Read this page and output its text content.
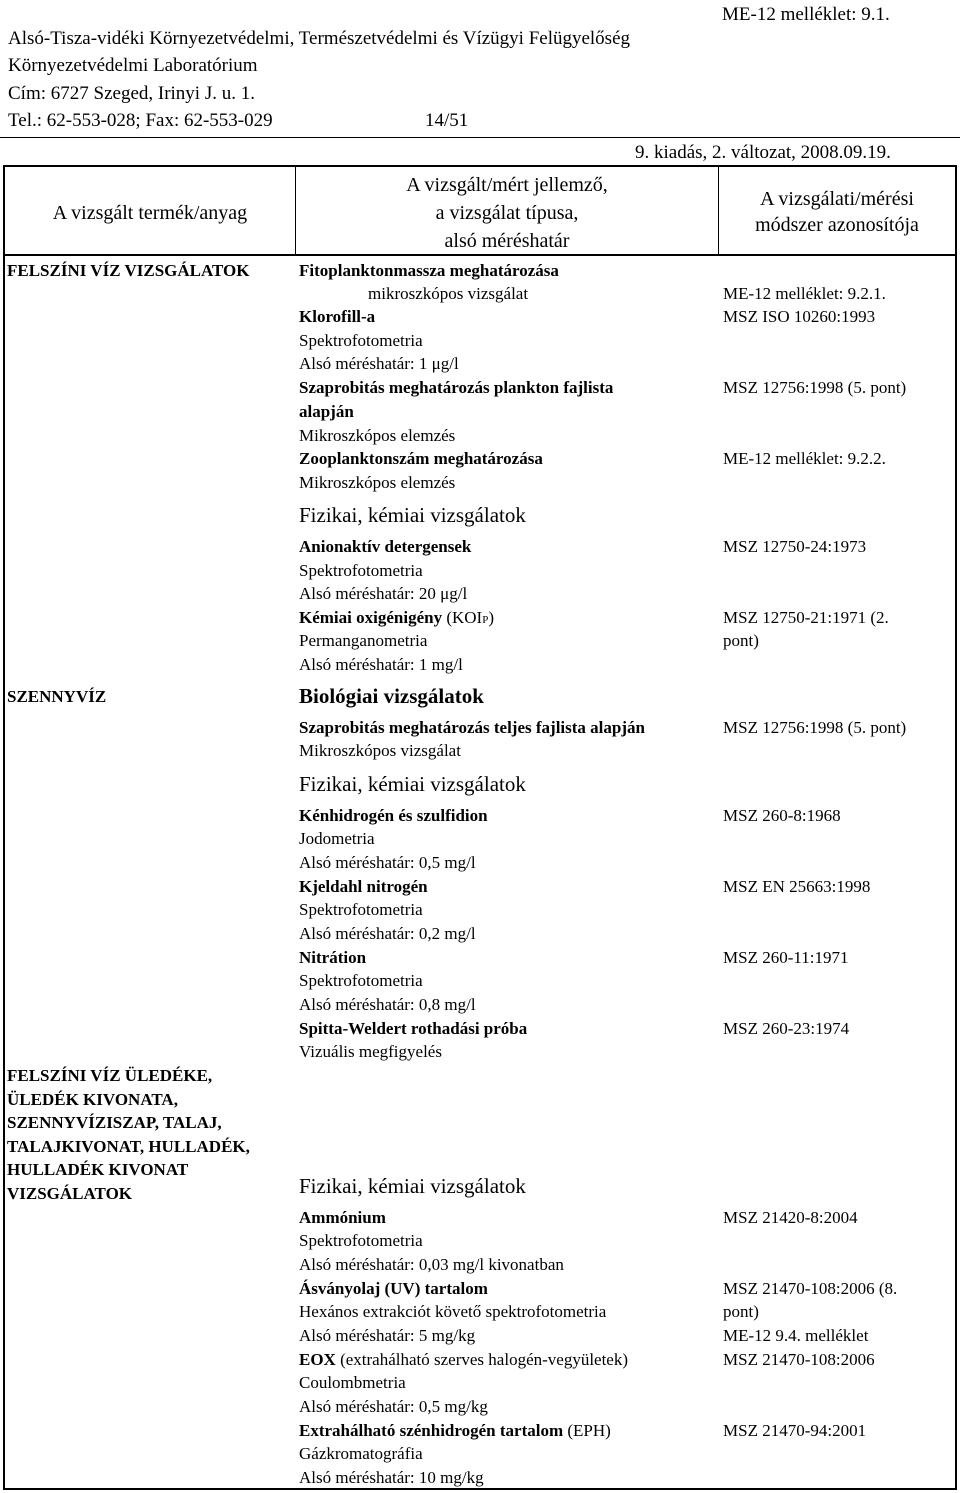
ME-12 melléklet: 9.1.
Alsó-Tisza-vidéki Környezetvédelmi, Természetvédelmi és Vízügyi Felügyelőség
Környezetvédelmi Laboratórium
Cím: 6727 Szeged, Irinyi J. u. 1.
Tel.: 62-553-028; Fax: 62-553-029	14/51
9. kiadás, 2. változat, 2008.09.19.
A vizsgált termék/anyag
A vizsgált/mért jellemző,
a vizsgálat típusa,
alsó méréshatár
A vizsgálati/mérési
módszer azonosítója
FELSZÍNI VÍZ VIZSGÁLATOK
SZENNYVÍZ
FELSZÍNI VÍZ ÜLEDÉKE,
ÜLEDÉK KIVONATA,
SZENNYVÍZISZAP, TALAJ,
TALAJKIVONAT, HULLADÉK,
HULLADÉK KIVONAT
VIZSGÁLATOK
Fitoplanktonmassza meghatározása
mikroszkópos vizsgálat
Klorofill-a
Spektrofotometria
Alsó méréshatár: 1 μg/l
Szaprobitás meghatározás plankton fajlista
alapján
Mikroszkópos elemzés
Zooplanktonszám meghatározása
Mikroszkópos elemzés
Fizikai, kémiai vizsgálatok
Anionaktív detergensek
Spektrofotometria
Alsó méréshatár: 20 μg/l
Kémiai oxigénigény (KOIP)
Permanganometria
Alsó méréshatár: 1 mg/l
Biológiai vizsgálatok
Szaprobitás meghatározás teljes fajlista alapján
Mikroszkópos vizsgálat
Fizikai, kémiai vizsgálatok
Kénhidrogén és szulfidion
Jodometria
Alsó méréshatár: 0,5 mg/l
Kjeldahl nitrogén
Spektrofotometria
Alsó méréshatár: 0,2 mg/l
Nitrátion
Spektrofotometria
Alsó méréshatár: 0,8 mg/l
Spitta-Weldert rothadási próba
Vizuális megfigyelés
Fizikai, kémiai vizsgálatok
Ammónium
Spektrofotometria
Alsó méréshatár: 0,03 mg/l kivonatban
Ásványolaj (UV) tartalom
Hexános extrakciót követő spektrofotometria
Alsó méréshatár: 5 mg/kg
EOX (extrahálható szerves halogén-vegyületek)
Coulombmetria
Alsó méréshatár: 0,5 mg/kg
Extrahálható szénhidrogén tartalom (EPH)
Gázkromatográfia
Alsó méréshatár: 10 mg/kg
ME-12 melléklet: 9.2.1.
MSZ ISO 10260:1993
MSZ 12756:1998 (5. pont)
ME-12 melléklet: 9.2.2.
MSZ 12750-24:1973
MSZ 12750-21:1971 (2.
pont)
MSZ 12756:1998 (5. pont)
MSZ 260-8:1968
MSZ EN 25663:1998
MSZ 260-11:1971
MSZ 260-23:1974
MSZ 21420-8:2004
MSZ 21470-108:2006 (8.
pont)
ME-12 9.4. melléklet
MSZ 21470-108:2006
MSZ 21470-94:2001
